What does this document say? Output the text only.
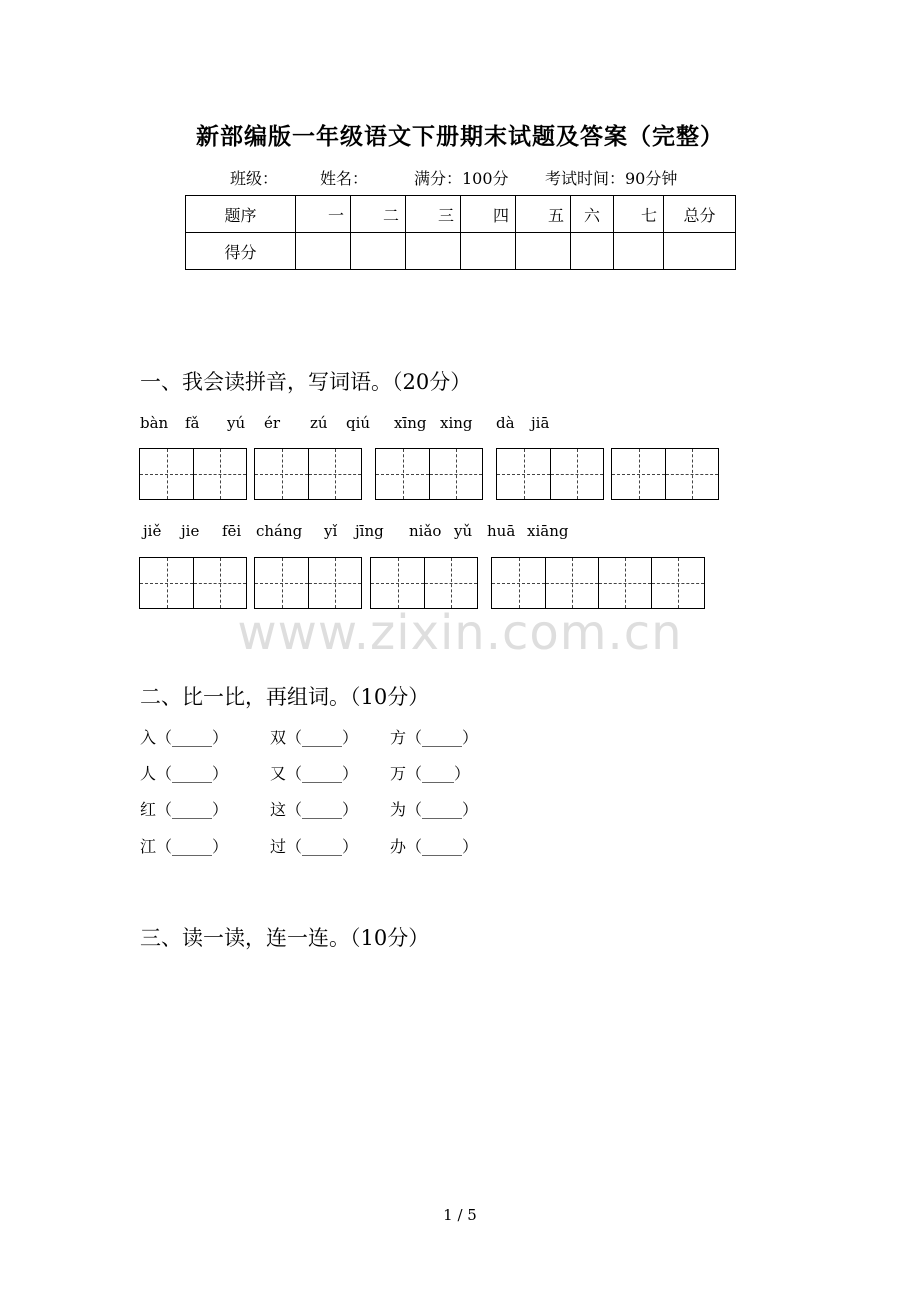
新部编版一年级语文下册期末试题及答案（完整）
班级：	姓名：	满分：100分 考试时间：90分钟
题序	一	二	三	四	五	六	七	总分
得分								
一、我会读拼音，写词语。（20分）
bàn fǎ yú ér zú qiú xīng xing dà jiā
jiě jie fēi cháng yǐ jīng niǎo yǔ huā xiāng
www.zixin.com.cn
二、比一比，再组词。（10分）
入（_____）	双（_____） 方（_____）
人（_____）	又（_____） 万（____）
红（_____）	这（_____） 为（_____）
江（_____）	过（_____） 办（_____）
三、读一读，连一连。（10分）
1 / 5
